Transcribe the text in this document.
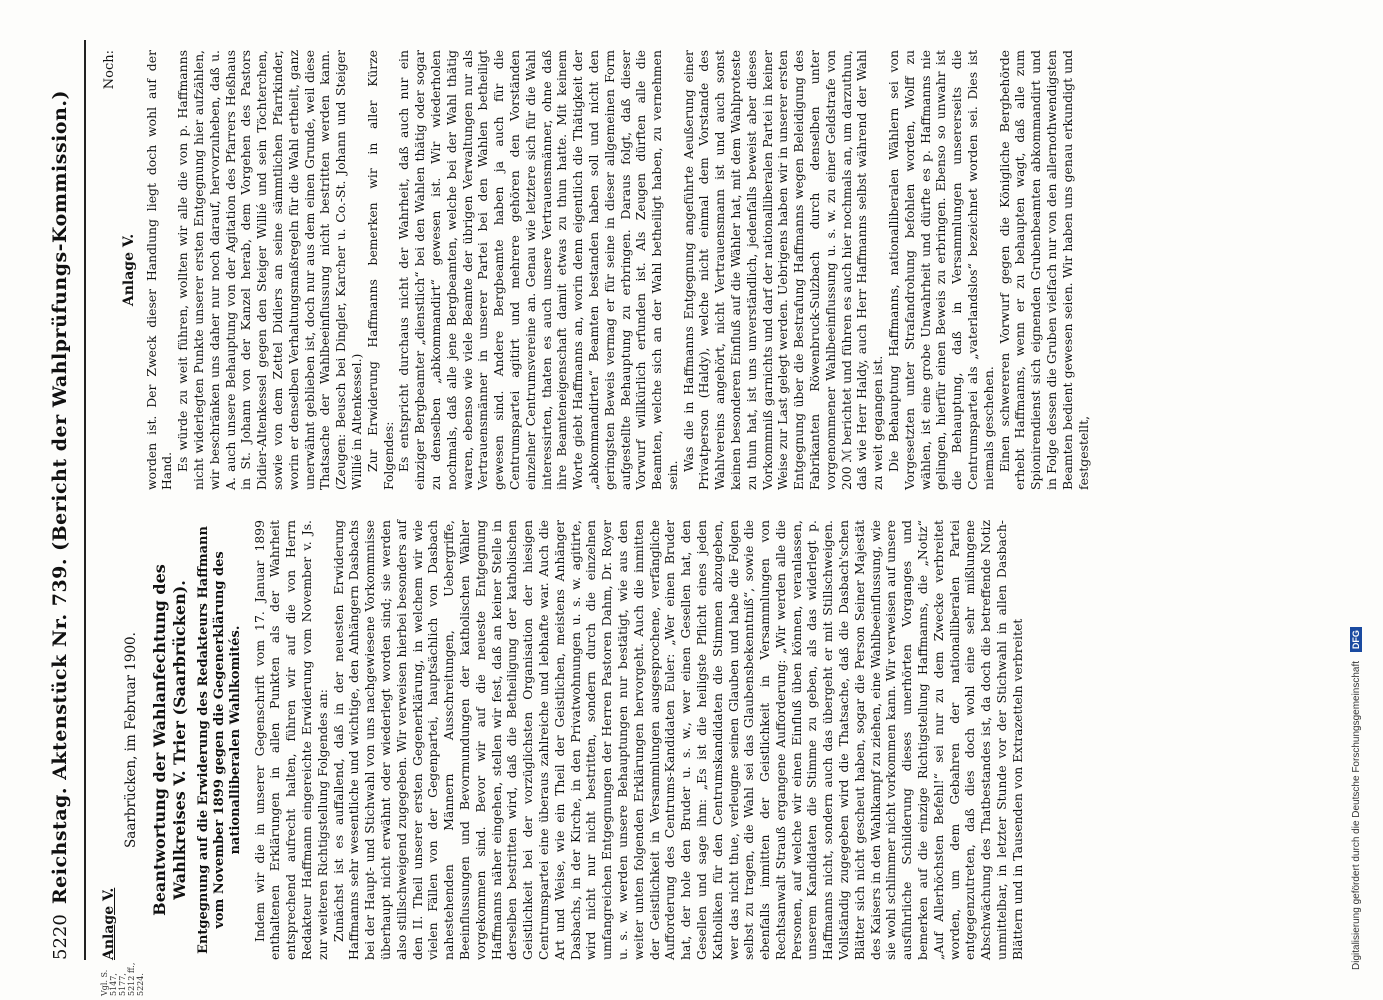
5220
Reichstag. Aktenstück Nr. 739. (Bericht der Wahlprüfungs-Kommission.)
Vgl. S. 5147, 5177, 5212 ff., 5224.
Anlage V.
Saarbrücken, im Februar 1900. Beantwortung der Wahlanfechtung des Wahlkreises V. Trier (Saarbrücken). Entgegnung auf die Erwiderung des Redakteurs Haffmann vom November 1899 gegen die Gegenerklärung des nationalliberalen Wahlkomités. Indem wir die in unserer Gegenschrift vom 17. Januar 1899 enthaltenen Erklärungen in allen Punkten als der Wahrheit entsprechend aufrecht halten, führen wir auf die von Herrn Redakteur Haffmann eingereichte Erwiderung vom November v. Js. zur weiteren Richtigstellung Folgendes an: Zunächst ist es auffallend, daß in der neuesten Erwiderung Haffmanns sehr wesentliche und wichtige, den Anhängern Dasbachs bei der Haupt- und Stichwahl von uns nachgewiesene Vorkommnisse überhaupt nicht erwähnt oder wiederlegt worden sind; sie werden also stillschweigend zugegeben. Wir verweisen hierbei besonders auf den II. Theil unserer ersten Gegenerklärung, in welchem wir wie vielen Fällen von der Gegenpartei, hauptsächlich von Dasbach nahestehenden Männern Ausschreitungen, Uebergriffe, Beeinflussungen und Bevormundungen der katholischen Wähler vorgekommen sind. Bevor wir auf die neueste Entgegnung Haffmanns näher eingehen, stellen wir fest, daß an keiner Stelle in derselben bestritten wird, daß die Betheiligung der katholischen Geistlichkeit bei der vorzüglichsten Organisation der hiesigen Centrumspartei eine überaus zahlreiche und lebhafte war. Auch die Art und Weise, wie ein Theil der Geistlichen, meistens Anhänger Dasbachs, in der Kirche, in den Privatwohnungen u. s. w. agitirte, wird nicht nur nicht bestritten, sondern durch die einzelnen umfangreichen Entgegnungen der Herren Pastoren Dahm, Dr. Royer u. s. w. werden unsere Behauptungen nur bestätigt, wie aus den weiter unten folgenden Erklärungen hervorgeht. Auch die inmitten der Geistlichkeit in Versammlungen ausgesprochene, verfängliche Aufforderung des Centrums-Kandidaten Euler: „Wer einen Bruder hat, der hole den Bruder u. s. w., wer einen Gesellen hat, den Gesellen und sage ihm: „Es ist die heiligste Pflicht eines jeden Katholiken für den Centrumskandidaten die Stimmen abzugeben, wer das nicht thue, verleugne seinen Glauben und habe die Folgen selbst zu tragen, die Wahl sei das Glaubensbekenntniß“, sowie die ebenfalls inmitten der Geistlichkeit in Versammlungen von Rechtsanwalt Strauß ergangene Aufforderung: „Wir werden alle die Personen, auf welche wir einen Einfluß üben können, veranlassen, unserem Kandidaten die Stimme zu geben, als das widerlegt p. Haffmanns nicht, sondern auch das übergeht er mit Stillschweigen. Vollständig zugegeben wird die Thatsache, daß die Dasbach'schen Blätter sich nicht gescheut haben, sogar die Person Seiner Majestät des Kaisers in den Wahlkampf zu ziehen, eine Wahlbeeinflussung, wie sie wohl schlimmer nicht vorkommen kann. Wir verweisen auf unsere ausführliche Schilderung dieses unerhörten Vorganges und bemerken auf die einzige Richtigstellung Haffmanns, die „Notiz“ „Auf Allerhöchsten Befehl!“ sei nur zu dem Zwecke verbreitet worden, um dem Gebahren der nationalliberalen Partei entgegenzutreten, daß dies doch wohl eine sehr mißlungene Abschwächung des Thatbestandes ist, da doch die betreffende Notiz unmittelbar, in letzter Stunde vor der Stichwahl in allen Dasbach-Blättern und in Tausenden von Extrazetteln verbreitet

Noch:
Anlage V. worden ist. Der Zweck dieser Handlung liegt doch wohl auf der Hand. Es würde zu weit führen, wollten wir alle die von p. Haffmanns nicht widerlegten Punkte unserer ersten Entgegnung hier aufzählen, wir beschränken uns daher nur noch darauf, hervorzuheben, daß u. A. auch unsere Behauptung von der Agitation des Pfarrers Heßhaus in St. Johann von der Kanzel herab, dem Vorgehen des Pastors Didier-Altenkessel gegen den Steiger Willié und sein Töchterchen, sowie von dem Zettel Didiers an seine sämmtlichen Pfarrkinder, worin er denselben Verhaltungsmaßregeln für die Wahl ertheilt, ganz unerwähnt geblieben ist, doch nur aus dem einen Grunde, weil diese Thatsache der Wahlbeeinflussung nicht bestritten werden kann. (Zeugen: Beusch bei Dingler, Karcher u. Co.-St. Johann und Steiger Willié in Altenkessel.) Zur Erwiderung Haffmanns bemerken wir in aller Kürze Folgendes: Es entspricht durchaus nicht der Wahrheit, daß auch nur ein einziger Bergbeamter „dienstlich“ bei den Wahlen thätig oder sogar zu denselben „abkommandirt“ gewesen ist. Wir wiederholen nochmals, daß alle jene Bergbeamten, welche bei der Wahl thätig waren, ebenso wie viele Beamte der übrigen Verwaltungen nur als Vertrauensmänner in unserer Partei bei den Wahlen betheiligt gewesen sind. Andere Bergbeamte haben ja auch für die Centrumspartei agitirt und mehrere gehören den Vorständen einzelner Centrumsvereine an. Genau wie letztere sich für die Wahl interessirten, thaten es auch unsere Vertrauensmänner, ohne daß ihre Beamteneigenschaft damit etwas zu thun hatte. Mit keinem Worte giebt Haffmanns an, worin denn eigentlich die Thätigkeit der „abkommandirten“ Beamten bestanden haben soll und nicht den geringsten Beweis vermag er für seine in dieser allgemeinen Form aufgestellte Behauptung zu erbringen. Daraus folgt, daß dieser Vorwurf willkürlich erfunden ist. Als Zeugen dürften alle die Beamten, welche sich an der Wahl betheiligt haben, zu vernehmen sein.

Was die in Haffmanns Entgegnung angeführte Aeußerung einer Privatperson (Haldy), welche nicht einmal dem Vorstande des Wahlvereins angehört, nicht Vertrauensmann ist und auch sonst keinen besonderen Einfluß auf die Wähler hat, mit dem Wahlproteste zu thun hat, ist uns unverständlich, jedenfalls beweist aber dieses Vorkommniß garnichts und darf der nationalliberalen Partei in keiner Weise zur Last gelegt werden. Uebrigens haben wir in unserer ersten Entgegnung über die Bestrafung Haffmanns wegen Beleidigung des Fabrikanten Röwenbruck-Sulzbach durch denselben unter vorgenommener Wahlbeeinflussung u. s. w. zu einer Geldstrafe von 200 ℳ berichtet und führen es auch hier nochmals an, um darzuthun, daß wie Herr Haldy, auch Herr Haffmanns selbst während der Wahl zu weit gegangen ist. Die Behauptung Haffmanns, nationalliberalen Wählern sei von Vorgesetzten unter Strafandrohung befohlen worden, Wolff zu wählen, ist eine grobe Unwahrheit und dürfte es p. Haffmanns nie gelingen, hierfür einen Beweis zu erbringen. Ebenso so unwahr ist die Behauptung, daß in Versammlungen unsererseits die Centrumspartei als „vaterlandslos“ bezeichnet worden sei. Dies ist niemals geschehen. Einen schwereren Vorwurf gegen die Königliche Bergbehörde erhebt Haffmanns, wenn er zu behaupten wagt, daß alle zum Spionirendienst sich eignenden Grubenbeamten abkommandirt und in Folge dessen die Gruben vielfach nur von den allernothwendigsten Beamten bedient gewesen seien. Wir haben uns genau erkundigt und festgestellt,

Digitalisierung gefördert durch die Deutsche Forschungsgemeinschaft DFG
